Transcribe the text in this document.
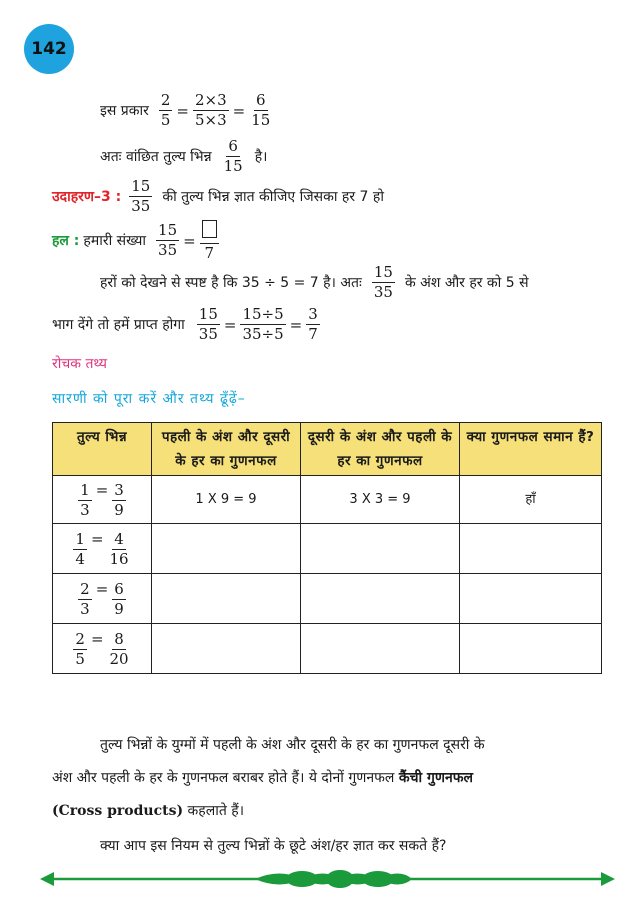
142
इस प्रकार $\frac{2}{5} = \frac{2\times 3}{5\times 3} = \frac{6}{15}$
अतः वांछित तुल्य भिन्न $\frac{6}{15}$ है।
उदाहरण–3 : $\frac{15}{35}$ की तुल्य भिन्न ज्ञात कीजिए जिसका हर 7 हो
हल : हमारी संख्या $\frac{15}{35}$ =
7
हरों को देखने से स्पष्ट है कि 35 ÷ 5 = 7 है। अतः $\frac{15}{35}$ के अंश और हर को 5 से
भाग देंगे तो हमें प्राप्त होगा $\frac{15}{35} = \frac{15\div 5}{35\div 5} = \frac{3}{7}$
रोचक तथ्य
सारणी को पूरा करें और तथ्य ढूँढ़ें–
तुल्य भिन्न	पहली के अंश और दूसरी के हर का गुणनफल	दूसरी के अंश और पहली के हर का गुणनफल	क्या गुणनफल समान हैं?

$\frac{1}{3} = \frac{3}{9}$	1 X 9 = 9	3 X 3 = 9	हाँ

$\frac{1}{4} = \frac{4}{16}$

$\frac{2}{3} = \frac{6}{9}$

$\frac{2}{5} = \frac{8}{20}$

तुल्य भिन्नों के युग्मों में पहली के अंश और दूसरी के हर का गुणनफल दूसरी के
अंश और पहली के हर के गुणनफल बराबर होते हैं। ये दोनों गुणनफल कैंची गुणनफल
(Cross products) कहलाते हैं।
क्या आप इस नियम से तुल्य भिन्नों के छूटे अंश/हर ज्ञात कर सकते हैं?
